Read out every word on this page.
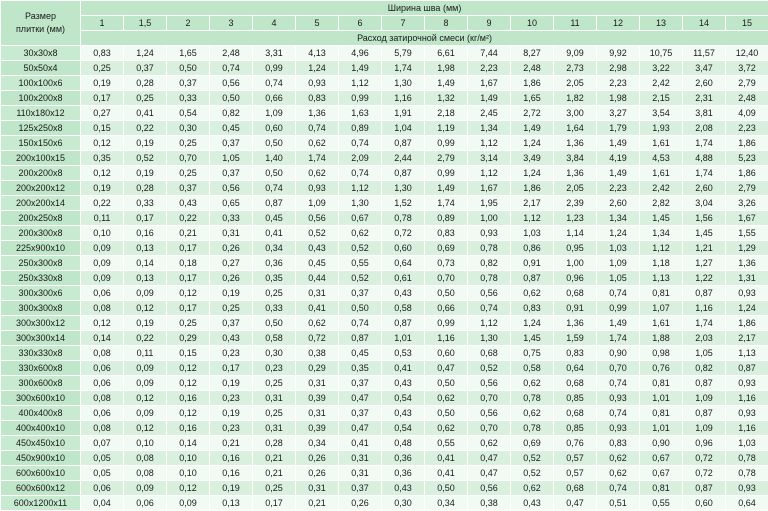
Размер
плитки (мм)	Ширина шва (мм)															
	1	1,5	2	3	4	5	6	7	8	9	10	11	12	13	14	15
	Расход затирочной смеси (кг/м²)															
30x30x8	0,83	1,24	1,65	2,48	3,31	4,13	4,96	5,79	6,61	7,44	8,27	9,09	9,92	10,75	11,57	12,40
50x50x4	0,25	0,37	0,50	0,74	0,99	1,24	1,49	1,74	1,98	2,23	2,48	2,73	2,98	3,22	3,47	3,72
100x100x6	0,19	0,28	0,37	0,56	0,74	0,93	1,12	1,30	1,49	1,67	1,86	2,05	2,23	2,42	2,60	2,79
100x200x8	0,17	0,25	0,33	0,50	0,66	0,83	0,99	1,16	1,32	1,49	1,65	1,82	1,98	2,15	2,31	2,48
110x180x12	0,27	0,41	0,54	0,82	1,09	1,36	1,63	1,91	2,18	2,45	2,72	3,00	3,27	3,54	3,81	4,09
125x250x8	0,15	0,22	0,30	0,45	0,60	0,74	0,89	1,04	1,19	1,34	1,49	1,64	1,79	1,93	2,08	2,23
150x150x6	0,12	0,19	0,25	0,37	0,50	0,62	0,74	0,87	0,99	1,12	1,24	1,36	1,49	1,61	1,74	1,86
200x100x15	0,35	0,52	0,70	1,05	1,40	1,74	2,09	2,44	2,79	3,14	3,49	3,84	4,19	4,53	4,88	5,23
200x200x8	0,12	0,19	0,25	0,37	0,50	0,62	0,74	0,87	0,99	1,12	1,24	1,36	1,49	1,61	1,74	1,86
200x200x12	0,19	0,28	0,37	0,56	0,74	0,93	1,12	1,30	1,49	1,67	1,86	2,05	2,23	2,42	2,60	2,79
200x200x14	0,22	0,33	0,43	0,65	0,87	1,09	1,30	1,52	1,74	1,95	2,17	2,39	2,60	2,82	3,04	3,26
200x250x8	0,11	0,17	0,22	0,33	0,45	0,56	0,67	0,78	0,89	1,00	1,12	1,23	1,34	1,45	1,56	1,67
200x300x8	0,10	0,16	0,21	0,31	0,41	0,52	0,62	0,72	0,83	0,93	1,03	1,14	1,24	1,34	1,45	1,55
225x900x10	0,09	0,13	0,17	0,26	0,34	0,43	0,52	0,60	0,69	0,78	0,86	0,95	1,03	1,12	1,21	1,29
250x300x8	0,09	0,14	0,18	0,27	0,36	0,45	0,55	0,64	0,73	0,82	0,91	1,00	1,09	1,18	1,27	1,36
250x330x8	0,09	0,13	0,17	0,26	0,35	0,44	0,52	0,61	0,70	0,78	0,87	0,96	1,05	1,13	1,22	1,31
300x300x6	0,06	0,09	0,12	0,19	0,25	0,31	0,37	0,43	0,50	0,56	0,62	0,68	0,74	0,81	0,87	0,93
300x300x8	0,08	0,12	0,17	0,25	0,33	0,41	0,50	0,58	0,66	0,74	0,83	0,91	0,99	1,07	1,16	1,24
300x300x12	0,12	0,19	0,25	0,37	0,50	0,62	0,74	0,87	0,99	1,12	1,24	1,36	1,49	1,61	1,74	1,86
300x300x14	0,14	0,22	0,29	0,43	0,58	0,72	0,87	1,01	1,16	1,30	1,45	1,59	1,74	1,88	2,03	2,17
330x330x8	0,08	0,11	0,15	0,23	0,30	0,38	0,45	0,53	0,60	0,68	0,75	0,83	0,90	0,98	1,05	1,13
330x600x8	0,06	0,09	0,12	0,17	0,23	0,29	0,35	0,41	0,47	0,52	0,58	0,64	0,70	0,76	0,82	0,87
300x600x8	0,06	0,09	0,12	0,19	0,25	0,31	0,37	0,43	0,50	0,56	0,62	0,68	0,74	0,81	0,87	0,93
300x600x10	0,08	0,12	0,16	0,23	0,31	0,39	0,47	0,54	0,62	0,70	0,78	0,85	0,93	1,01	1,09	1,16
400x400x8	0,06	0,09	0,12	0,19	0,25	0,31	0,37	0,43	0,50	0,56	0,62	0,68	0,74	0,81	0,87	0,93
400x400x10	0,08	0,12	0,16	0,23	0,31	0,39	0,47	0,54	0,62	0,70	0,78	0,85	0,93	1,01	1,09	1,16
450x450x10	0,07	0,10	0,14	0,21	0,28	0,34	0,41	0,48	0,55	0,62	0,69	0,76	0,83	0,90	0,96	1,03
450x900x10	0,05	0,08	0,10	0,16	0,21	0,26	0,31	0,36	0,41	0,47	0,52	0,57	0,62	0,67	0,72	0,78
600x600x10	0,05	0,08	0,10	0,16	0,21	0,26	0,31	0,36	0,41	0,47	0,52	0,57	0,62	0,67	0,72	0,78
600x600x12	0,06	0,09	0,12	0,19	0,25	0,31	0,37	0,43	0,50	0,56	0,62	0,68	0,74	0,81	0,87	0,93
600x1200x11	0,04	0,06	0,09	0,13	0,17	0,21	0,26	0,30	0,34	0,38	0,43	0,47	0,51	0,55	0,60	0,64
